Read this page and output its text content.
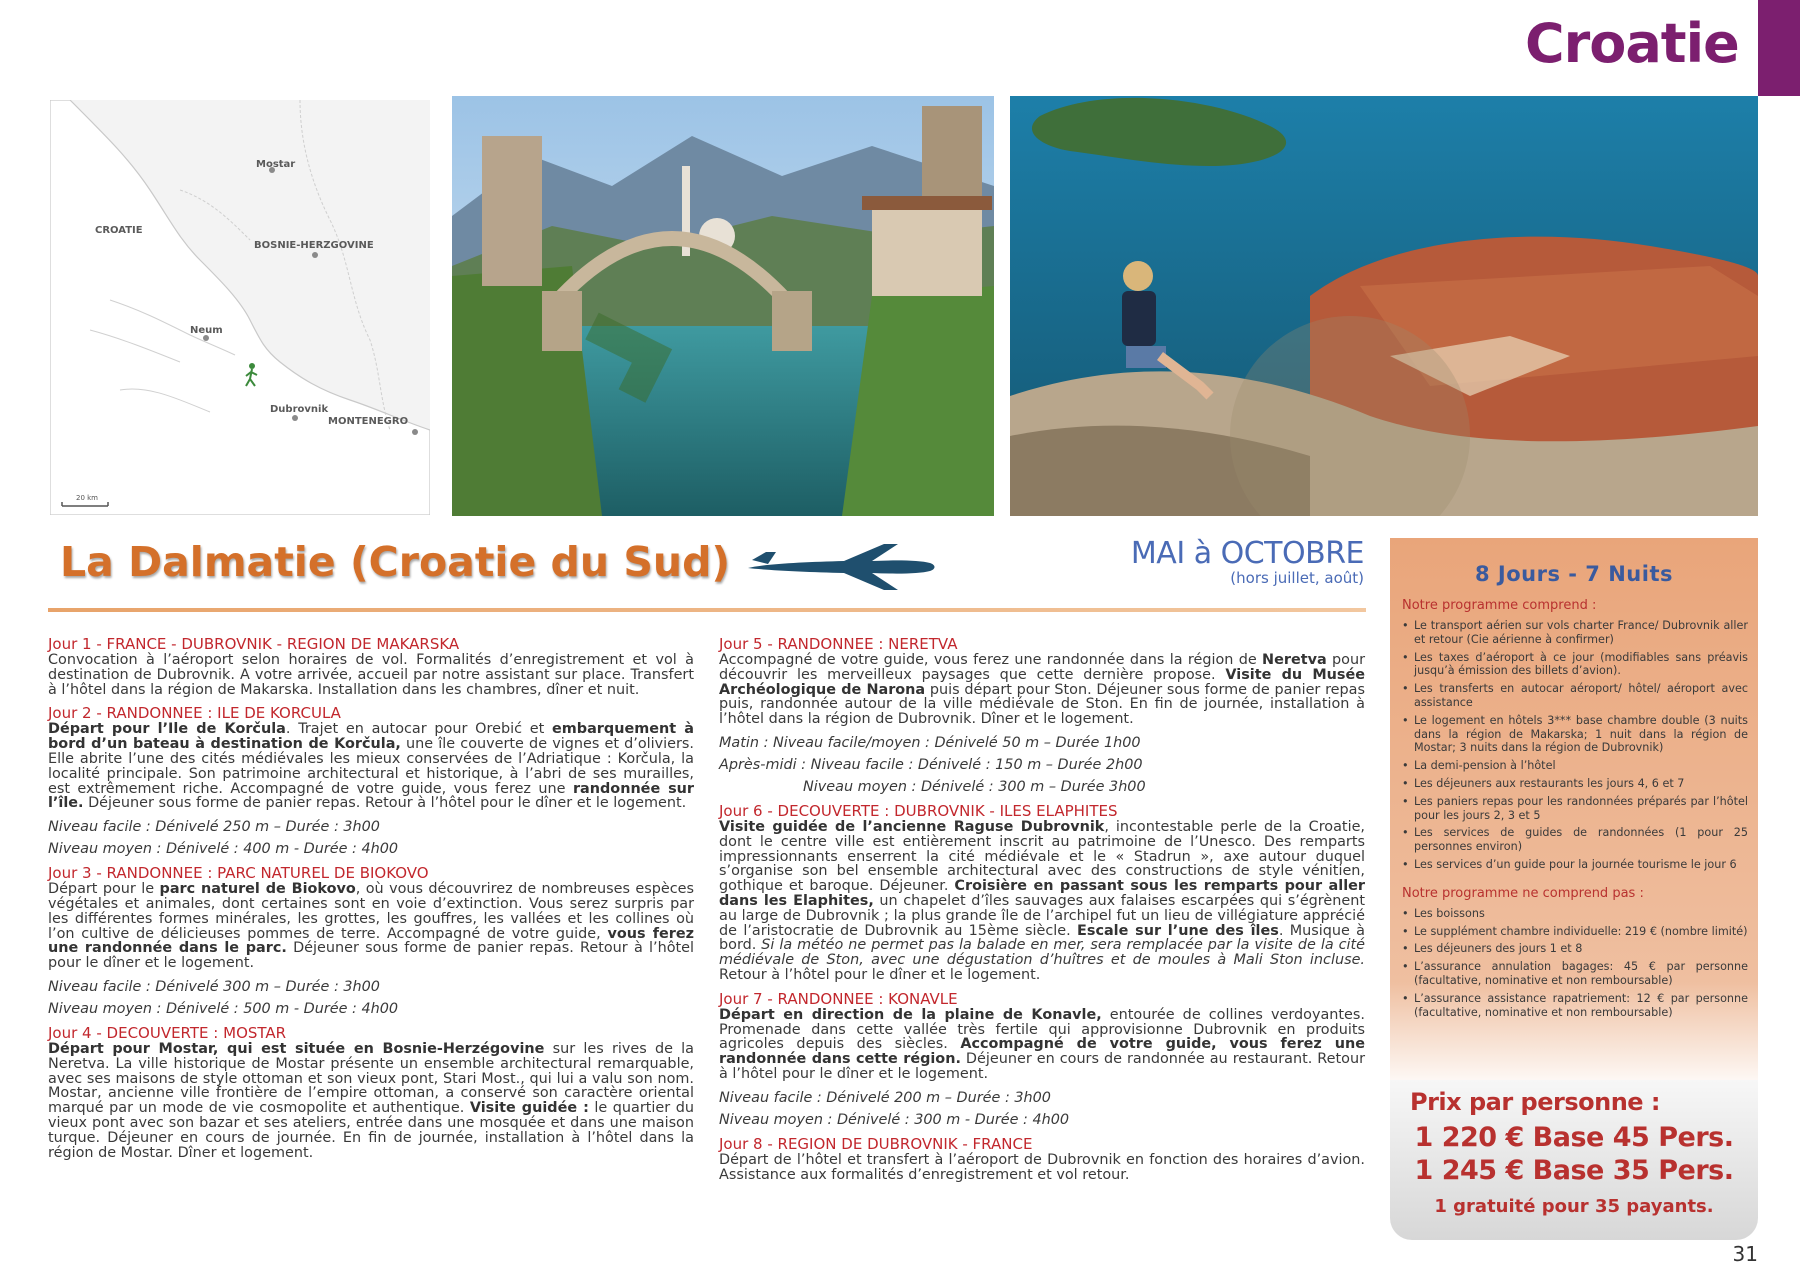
Croatie
Mostar
CROATIE
BOSNIE-HERZGOVINE
Neum
Dubrovnik
MONTENEGRO
20 km
La Dalmatie (Croatie du Sud)	MAI à OCTOBRE
(hors juillet, août)
Jour 1 - FRANCE - DUBROVNIK - REGION DE MAKARSKA
Convocation à l’aéroport selon horaires de vol. Formalités d’enregistrement et vol à destination de Dubrovnik. A votre arrivée, accueil par notre assistant sur place. Transfert à l’hôtel dans la région de Makarska. Installation dans les chambres, dîner et nuit.
Jour 2 - RANDONNEE : ILE DE KORCULA
Départ pour l’Ile de Korčula. Trajet en autocar pour Orebić et embarquement à bord d’un bateau à destination de Korčula, une île couverte de vignes et d’oliviers. Elle abrite l’une des cités médiévales les mieux conservées de l’Adriatique : Korčula, la localité principale. Son patrimoine architectural et historique, à l’abri de ses murailles, est extrêmement riche. Accompagné de votre guide, vous ferez une randonnée sur l’île. Déjeuner sous forme de panier repas. Retour à l’hôtel pour le dîner et le logement.
Niveau facile : Dénivelé 250 m – Durée : 3h00
Niveau moyen : Dénivelé : 400 m - Durée : 4h00
Jour 3 - RANDONNEE : PARC NATUREL DE BIOKOVO
Départ pour le parc naturel de Biokovo, où vous découvrirez de nombreuses espèces végétales et animales, dont certaines sont en voie d’extinction. Vous serez surpris par les différentes formes minérales, les grottes, les gouffres, les vallées et les collines où l’on cultive de délicieuses pommes de terre. Accompagné de votre guide, vous ferez une randonnée dans le parc. Déjeuner sous forme de panier repas. Retour à l’hôtel pour le dîner et le logement.
Niveau facile : Dénivelé 300 m – Durée : 3h00
Niveau moyen : Dénivelé : 500 m - Durée : 4h00
Jour 4 - DECOUVERTE : MOSTAR
Départ pour Mostar, qui est située en Bosnie-Herzégovine sur les rives de la Neretva. La ville historique de Mostar présente un ensemble architectural remarquable, avec ses maisons de style ottoman et son vieux pont, Stari Most., qui lui a valu son nom. Mostar, ancienne ville frontière de l’empire ottoman, a conservé son caractère oriental marqué par un mode de vie cosmopolite et authentique. Visite guidée : le quartier du vieux pont avec son bazar et ses ateliers, entrée dans une mosquée et dans une maison turque. Déjeuner en cours de journée. En fin de journée, installation à l’hôtel dans la région de Mostar. Dîner et logement.
Jour 5 - RANDONNEE : NERETVA
Accompagné de votre guide, vous ferez une randonnée dans la région de Neretva pour découvrir les merveilleux paysages que cette dernière propose. Visite du Musée Archéologique de Narona puis départ pour Ston. Déjeuner sous forme de panier repas puis, randonnée autour de la ville médiévale de Ston. En fin de journée, installation à l’hôtel dans la région de Dubrovnik. Dîner et le logement.
Matin : Niveau facile/moyen : Dénivelé 50 m – Durée 1h00
Après-midi : Niveau facile : Dénivelé : 150 m – Durée 2h00
Niveau moyen : Dénivelé : 300 m – Durée 3h00
Jour 6 - DECOUVERTE : DUBROVNIK - ILES ELAPHITES
Visite guidée de l’ancienne Raguse Dubrovnik, incontestable perle de la Croatie, dont le centre ville est entièrement inscrit au patrimoine de l’Unesco. Des remparts impressionnants enserrent la cité médiévale et le « Stadrun », axe autour duquel s’organise son bel ensemble architectural avec des constructions de style vénitien, gothique et baroque. Déjeuner. Croisière en passant sous les remparts pour aller dans les Elaphites, un chapelet d’îles sauvages aux falaises escarpées qui s’égrènent au large de Dubrovnik ; la plus grande île de l’archipel fut un lieu de villégiature apprécié de l’aristocratie de Dubrovnik au 15ème siècle. Escale sur l’une des îles. Musique à bord. Si la météo ne permet pas la balade en mer, sera remplacée par la visite de la cité médiévale de Ston, avec une dégustation d’huîtres et de moules à Mali Ston incluse. Retour à l’hôtel pour le dîner et le logement.
Jour 7 - RANDONNEE : KONAVLE
Départ en direction de la plaine de Konavle, entourée de collines verdoyantes. Promenade dans cette vallée très fertile qui approvisionne Dubrovnik en produits agricoles depuis des siècles. Accompagné de votre guide, vous ferez une randonnée dans cette région. Déjeuner en cours de randonnée au restaurant. Retour à l’hôtel pour le dîner et le logement.
Niveau facile : Dénivelé 200 m – Durée : 3h00
Niveau moyen : Dénivelé : 300 m - Durée : 4h00
Jour 8 - REGION DE DUBROVNIK - FRANCE
Départ de l’hôtel et transfert à l’aéroport de Dubrovnik en fonction des horaires d’avion. Assistance aux formalités d’enregistrement et vol retour.
8 Jours - 7 Nuits
Notre programme comprend :
• Le transport aérien sur vols charter France/ Dubrovnik aller et retour (Cie aérienne à confirmer)
• Les taxes d’aéroport à ce jour (modifiables sans préavis jusqu’à émission des billets d’avion).
• Les transferts en autocar aéroport/ hôtel/ aéroport avec assistance
• Le logement en hôtels 3*** base chambre double (3 nuits dans la région de Makarska; 1 nuit dans la région de Mostar; 3 nuits dans la région de Dubrovnik)
• La demi-pension à l’hôtel
• Les déjeuners aux restaurants les jours 4, 6 et 7
• Les paniers repas pour les randonnées préparés par l’hôtel pour les jours 2, 3 et 5
• Les services de guides de randonnées (1 pour 25 personnes environ)
• Les services d’un guide pour la journée tourisme le jour 6
Notre programme ne comprend pas :
• Les boissons
• Le supplément chambre individuelle: 219 € (nombre limité)
• Les déjeuners des jours 1 et 8
• L’assurance annulation bagages: 45 € par personne (facultative, nominative et non remboursable)
• L’assurance assistance rapatriement: 12 € par personne (facultative, nominative et non remboursable)
Prix par personne :
1 220 € Base 45 Pers.
1 245 € Base 35 Pers.
1 gratuité pour 35 payants.
31
